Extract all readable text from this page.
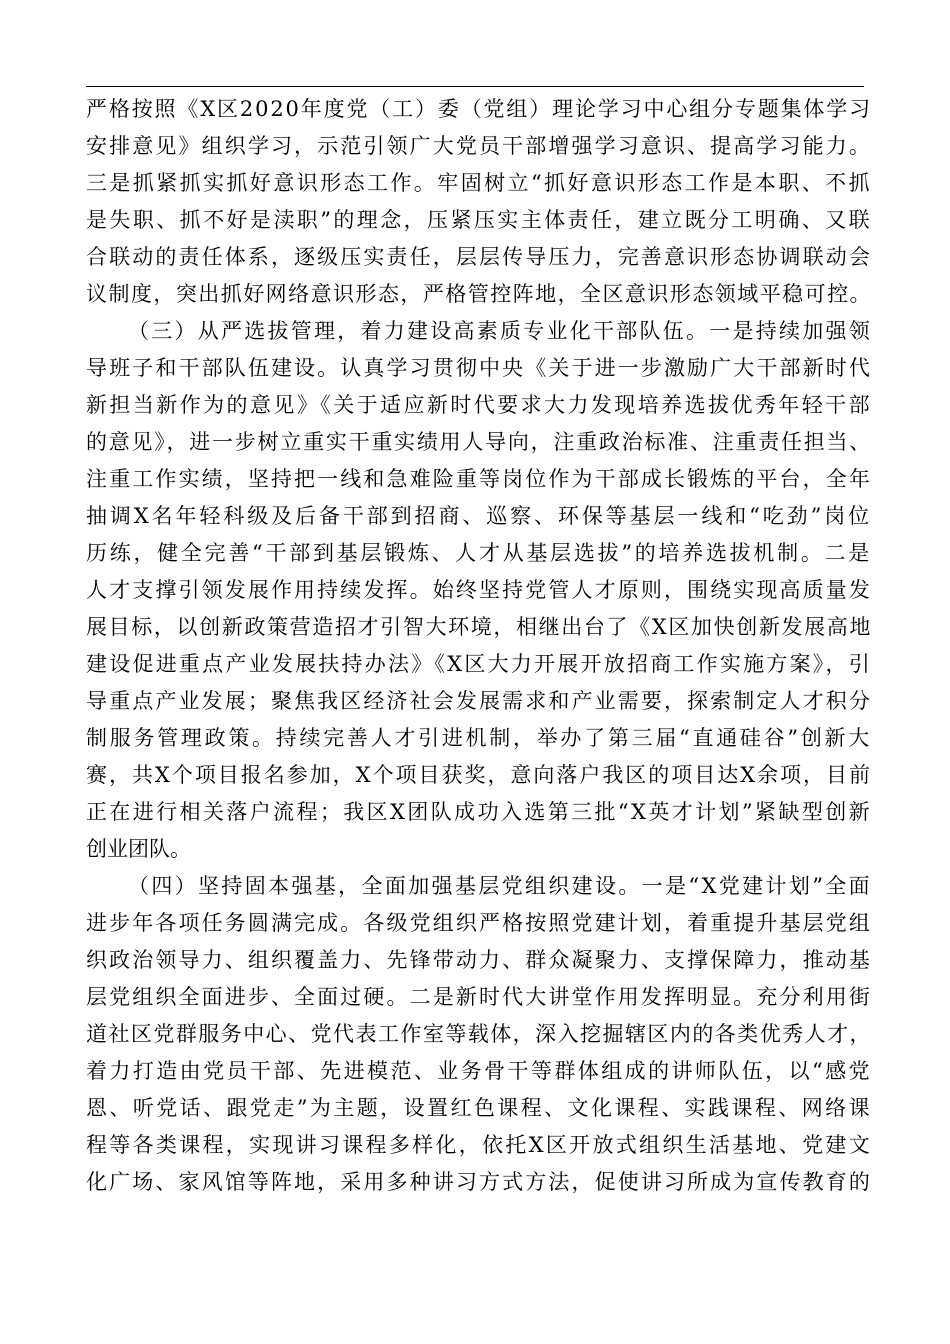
严格按照《X区2020年度党（工）委（党组）理论学习中心组分专题集体学习
安排意见》组织学习，示范引领广大党员干部增强学习意识、提高学习能力。
三是抓紧抓实抓好意识形态工作。牢固树立“抓好意识形态工作是本职、不抓
是失职、抓不好是渎职”的理念，压紧压实主体责任，建立既分工明确、又联
合联动的责任体系，逐级压实责任，层层传导压力，完善意识形态协调联动会
议制度，突出抓好网络意识形态，严格管控阵地，全区意识形态领域平稳可控。
（三）从严选拔管理，着力建设高素质专业化干部队伍。一是持续加强领
导班子和干部队伍建设。认真学习贯彻中央《关于进一步激励广大干部新时代
新担当新作为的意见》《关于适应新时代要求大力发现培养选拔优秀年轻干部
的意见》，进一步树立重实干重实绩用人导向，注重政治标准、注重责任担当、
注重工作实绩，坚持把一线和急难险重等岗位作为干部成长锻炼的平台，全年
抽调X名年轻科级及后备干部到招商、巡察、环保等基层一线和“吃劲”岗位
历练，健全完善“干部到基层锻炼、人才从基层选拔”的培养选拔机制。二是
人才支撑引领发展作用持续发挥。始终坚持党管人才原则，围绕实现高质量发
展目标，以创新政策营造招才引智大环境，相继出台了《X区加快创新发展高地
建设促进重点产业发展扶持办法》《X区大力开展开放招商工作实施方案》，引
导重点产业发展；聚焦我区经济社会发展需求和产业需要，探索制定人才积分
制服务管理政策。持续完善人才引进机制，举办了第三届“直通硅谷”创新大
赛，共X个项目报名参加，X个项目获奖，意向落户我区的项目达X余项，目前
正在进行相关落户流程；我区X团队成功入选第三批“X英才计划”紧缺型创新
创业团队。
（四）坚持固本强基，全面加强基层党组织建设。一是“X党建计划”全面
进步年各项任务圆满完成。各级党组织严格按照党建计划，着重提升基层党组
织政治领导力、组织覆盖力、先锋带动力、群众凝聚力、支撑保障力，推动基
层党组织全面进步、全面过硬。二是新时代大讲堂作用发挥明显。充分利用街
道社区党群服务中心、党代表工作室等载体，深入挖掘辖区内的各类优秀人才，
着力打造由党员干部、先进模范、业务骨干等群体组成的讲师队伍，以“感党
恩、听党话、跟党走”为主题，设置红色课程、文化课程、实践课程、网络课
程等各类课程，实现讲习课程多样化，依托X区开放式组织生活基地、党建文
化广场、家风馆等阵地，采用多种讲习方式方法，促使讲习所成为宣传教育的
